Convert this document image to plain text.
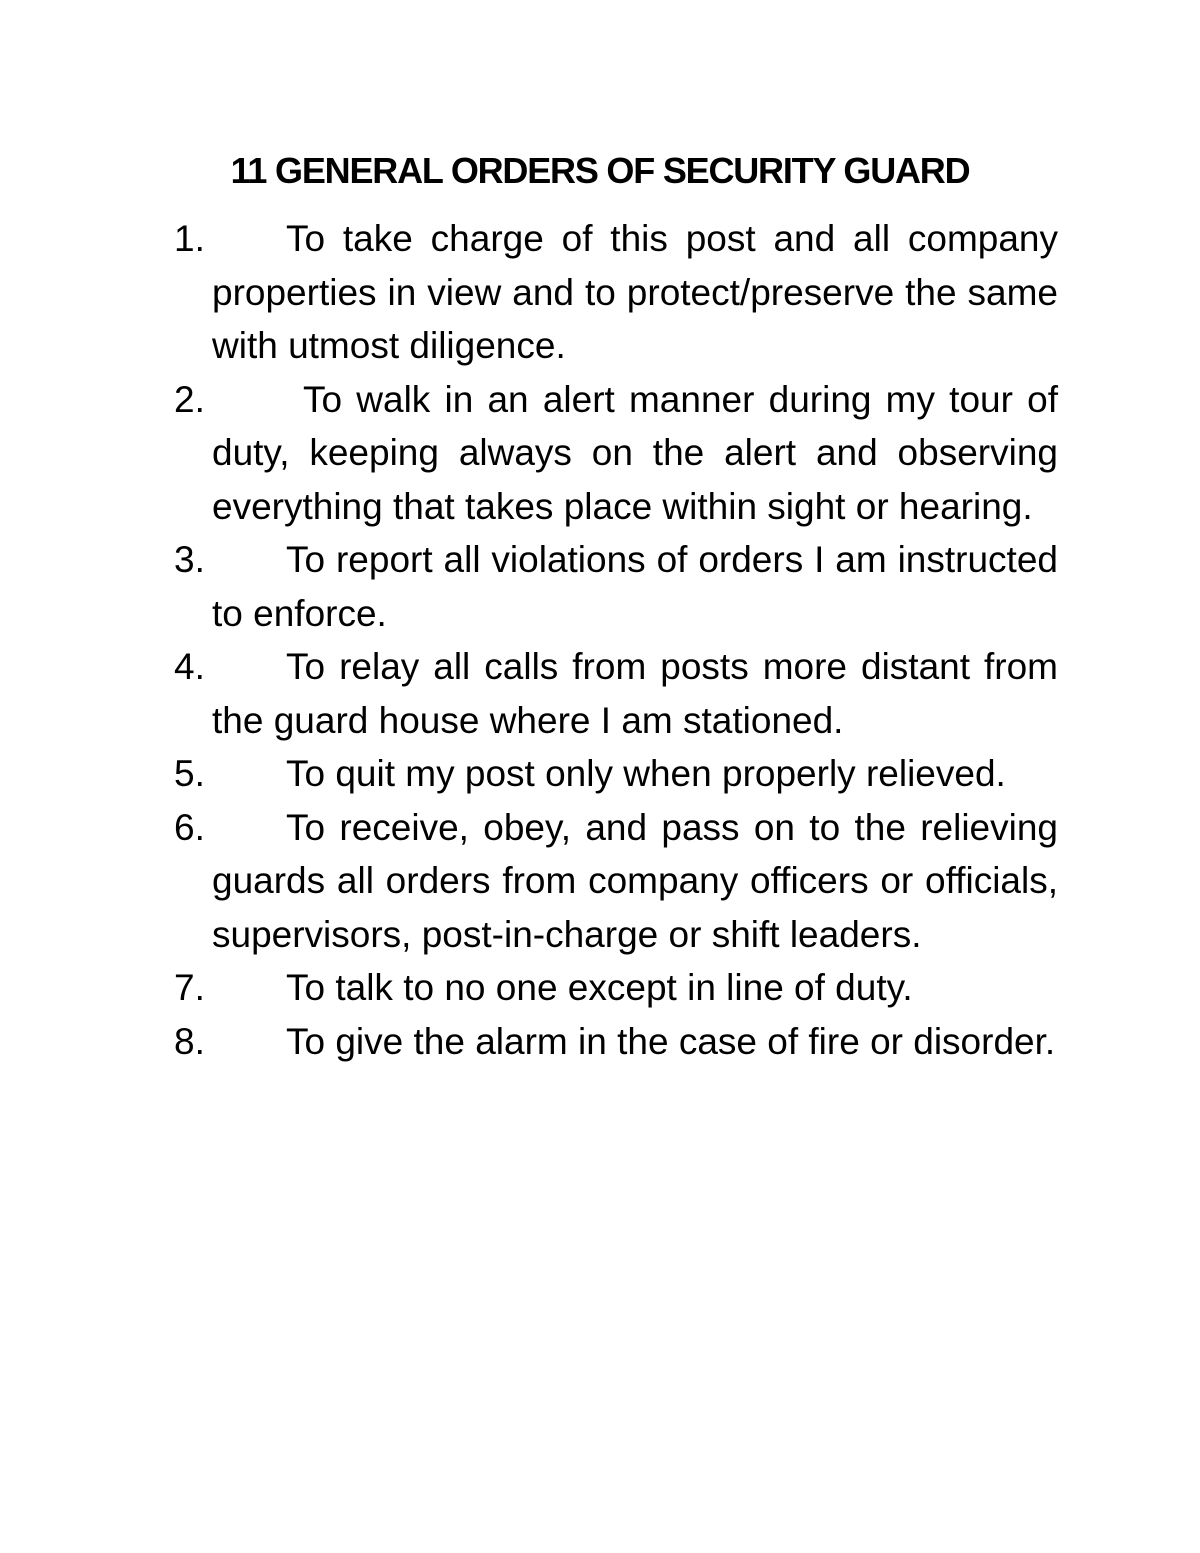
11 GENERAL ORDERS OF SECURITY GUARD
1. To take charge of this post and all company properties in view and to protect/preserve the same with utmost diligence.
2.	To walk in an alert manner during my tour of duty, keeping always on the alert and observing everything that takes place within sight or hearing.
3. To report all violations of orders I am instructed to enforce.
4. To relay all calls from posts more distant from the guard house where I am stationed.
5. To quit my post only when properly relieved.
6. To receive, obey, and pass on to the relieving guards all orders from company officers or officials, supervisors, post-in-charge or shift leaders.
7. To talk to no one except in line of duty.
8. To give the alarm in the case of fire or disorder.
